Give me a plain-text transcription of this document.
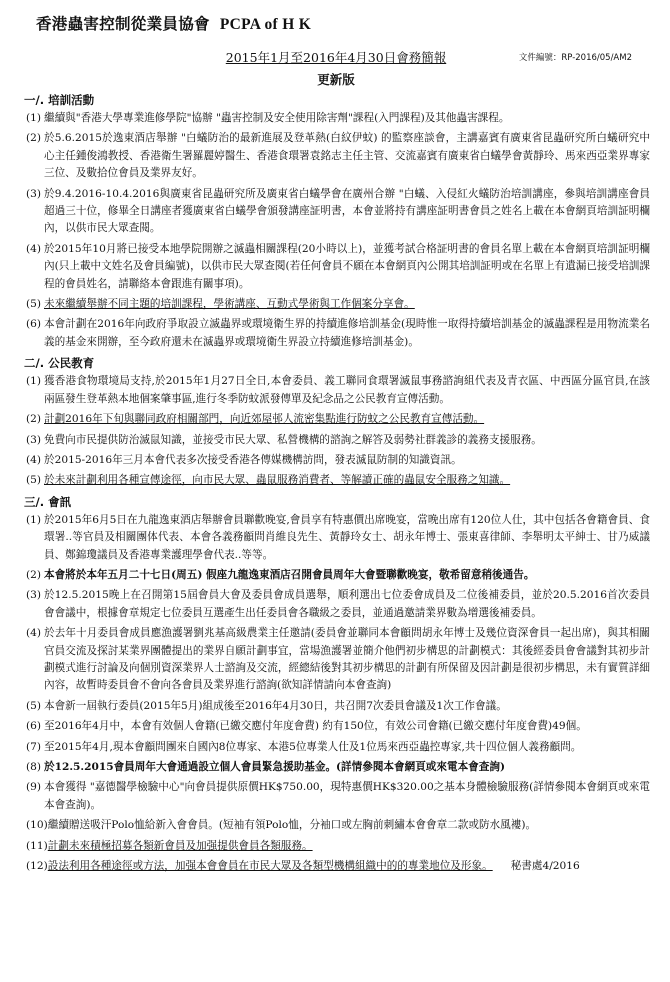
香港蟲害控制從業員協會 PCPA of H K
2015年1月至2016年4月30日會務簡報	文件編號：RP-2016/05/AM2
更新版
一/. 培訓活動
(1) 繼續與"香港大學專業進修學院"協辦 "蟲害控制及安全使用除害劑"課程(入門課程)及其他蟲害課程。
(2) 於5.6.2015於逸東酒店舉辦 "白蟻防治的最新進展及登革熱(白紋伊蚊) 的監察座談會，主講嘉賓有廣東省昆蟲研究所白蟻研究中心主任鍾俊鴻教授、香港衛生署羅麗婷醫生、香港食環署袁銘志主任主管、交流嘉賓有廣東省白蟻學會黃靜玲、馬來西亞業界專家三位、及數拾位會員及業界友好。
(3) 於9.4.2016-10.4.2016與廣東省昆蟲研究所及廣東省白蟻學會在廣州合辦 "白蟻、入侵紅火蟻防治培訓講座，參與培訓講座會員超過三十位，修畢全日講座者獲廣東省白蟻學會頒發講座証明書，本會並將持有講座証明書會員之姓名上載在本會網頁培訓証明欄內，以供市民大眾查閱。
(4) 於2015年10月將已接受本地學院開辦之滅蟲相關課程(20小時以上)，並獲考試合格証明書的會員名單上載在本會網頁培訓証明欄內(只上載中文姓名及會員編號)，以供市民大眾查閱(若任何會員不願在本會網頁內公開其培訓証明或在名單上有遺漏已接受培訓課程的會員姓名，請聯絡本會跟進有關事項)。
(5) 未來繼續舉辦不同主題的培訓課程，學術講座、互動式學術與工作個案分享會。
(6) 本會計劃在2016年向政府爭取設立滅蟲界或環境衛生界的持續進修培訓基金(現時惟一取得持續培訓基金的滅蟲課程是用物流業名義的基金來開辦，至今政府還未在滅蟲界或環境衛生界設立持續進修培訓基金)。
二/. 公民教育
(1) 獲香港食物環境局支持,於2015年1月27日全日,本會委員、義工聯同食環署滅鼠事務諮詢組代表及青衣區、中西區分區官員,在該兩區發生登革熱本地個案肇事區,進行冬季防蚊派發傳單及紀念品之公民教育宣傳活動。
(2) 計劃2016年下旬與聯同政府相關部門，向近郊屋邨人流密集點進行防蚊之公民教育宣傳活動。
(3) 免費向市民提供防治滅鼠知識，並接受市民大眾、私營機構的諮詢之解答及弱勢社群義診的義務支援服務。
(4) 於2015-2016年三月本會代表多次接受香港各傳媒機構訪問，發表滅鼠防制的知識資訊。
(5) 於未來計劃利用各種宣傳途徑，向市民大眾、蟲鼠服務消費者、等解讀正確的蟲鼠安全服務之知識。
三/. 會訊
(1) 於2015年6月5日在九龍逸東酒店舉辦會員聯歡晚宴,會員享有特惠價出席晚宴，當晚出席有120位人仕，其中包括各會籍會員、食環署..等官員及相關團体代表、本會各義務顧問肖維良先生、黃靜玲女士、胡永年博士、張東喜律師、李舉明太平紳士、甘乃威議員、鄭錦瓊議員及香港專業護理學會代表..等等。
(2) 本會將於本年五月二十七日(周五) 假座九龍逸東酒店召開會員周年大會暨聯歡晚宴，敬希留意稍後通告。
(3) 於12.5.2015晚上在召開第15屆會員大會及委員會成員選舉，順利選出七位委會成員及二位後補委員，並於20.5.2016首次委員會會議中，根據會章規定七位委員互選產生出任委員會各職級之委員，並通過邀請業界數為增選後補委員。
(4) 於去年十月委員會成員應漁護署劉兆基高級農業主任邀請(委員會並聯同本會顧問胡永年博士及幾位資深會員一起出席)，與其相關官員交流及探討某業界團體提出的業界自願計劃事宜，當場漁護署並簡介他們初步構思的計劃模式：其後經委員會會議對其初步計劃模式進行討論及向個別資深業界人士諮詢及交流，經總結後對其初步構思的計劃有所保留及因計劃是很初步構思，未有實質詳細內容，故暫時委員會不會向各會員及業界進行諮詢(欲知詳情請向本會查詢)
(5) 本會新一屆執行委員(2015年5月)組成後至2016年4月30日，共召開7次委員會議及1次工作會議。
(6) 至2016年4月中，本會有效個人會籍(已繳交應付年度會費) 約有150位，有效公司會籍(已繳交應付年度會費)49個。
(7) 至2015年4月,現本會顧問團來自國內8位專家、本港5位專業人仕及1位馬來西亞蟲控專家,共十四位個人義務顧問。
(8) 於12.5.2015會員周年大會通過設立個人會員緊急援助基金。(詳情參閱本會網頁或來電本會查詢)
(9) 本會獲得 "嘉德醫學檢驗中心"向會員提供原價HK$750.00，現特惠價HK$320.00之基本身體檢驗服務(詳情參閱本會網頁或來電本會查詢)。
(10) 繼續贈送吸汗Polo恤給新入會會員。(短袖有領Polo恤，分袖口或左胸前刺繡本會會章二款或防水風褸)。
(11) 計劃未來積極招募各類新會員及加强提供會員各類服務。
(12) 設法利用各種途徑或方法，加强本會會員在市民大眾及各類型機構組織中的的專業地位及形象。 秘書處4/2016
